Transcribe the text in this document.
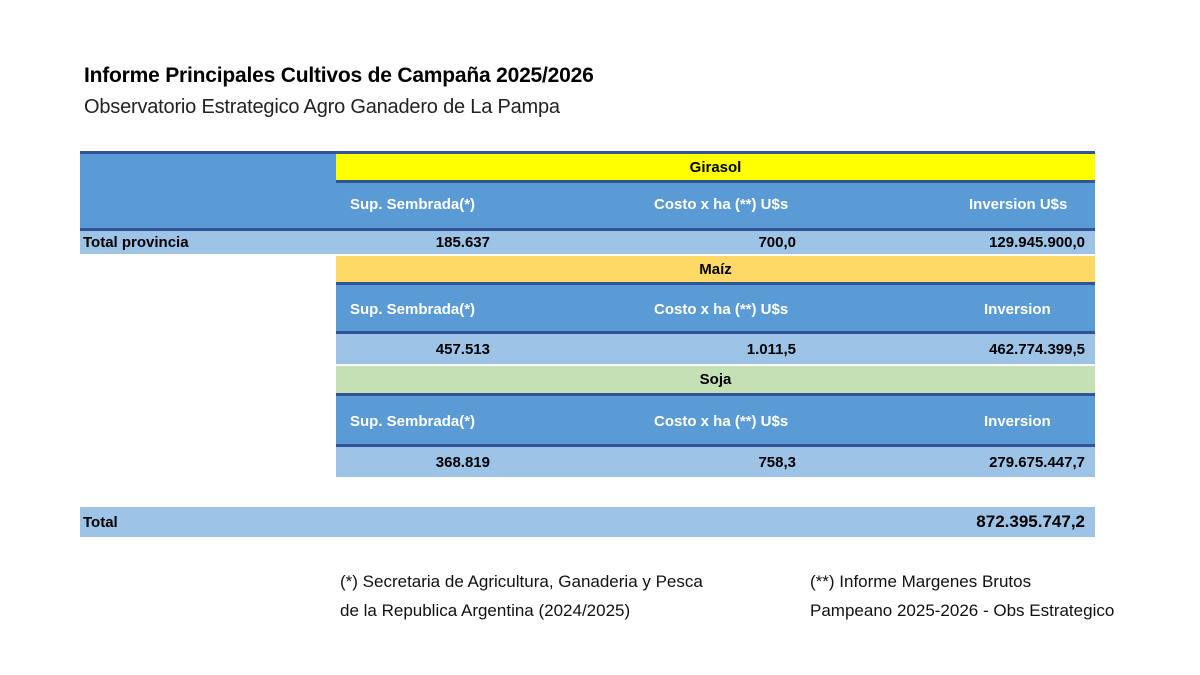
Informe Principales Cultivos de Campaña 2025/2026
Observatorio Estrategico Agro Ganadero de La Pampa
Girasol
Sup. Sembrada(*)	Costo x ha (**) U$s	Inversion U$s
Total provincia	185.637	700,0	129.945.900,0
Maíz
Sup. Sembrada(*)	Costo x ha (**) U$s	Inversion
457.513	1.011,5	462.774.399,5
Soja
Sup. Sembrada(*)	Costo x ha (**) U$s	Inversion
368.819	758,3	279.675.447,7
Total	872.395.747,2
(*) Secretaria de Agricultura, Ganaderia y Pesca
de la Republica Argentina (2024/2025)
(**) Informe Margenes Brutos
Pampeano 2025-2026 - Obs Estrategico
